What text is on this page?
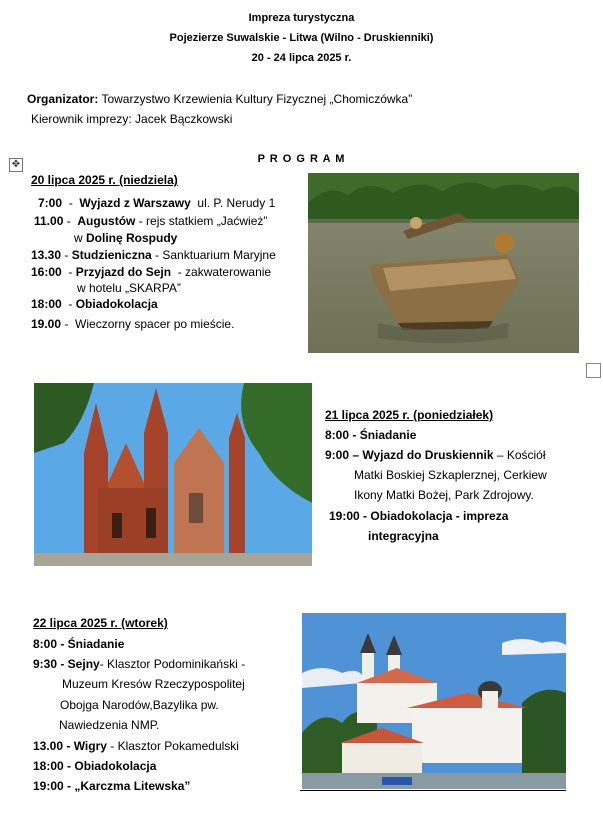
Impreza turystyczna
Pojezierze Suwalskie - Litwa (Wilno - Druskienniki)
20 - 24 lipca 2025 r.
Organizator: Towarzystwo Krzewienia Kultury Fizycznej „Chomiczówka”
Kierownik imprezy: Jacek Bączkowski
✥	P R O G R A M
20 lipca 2025 r. (niedziela)
7:00  -  Wyjazd z Warszawy  ul. P. Nerudy 1
11.00 -  Augustów - rejs statkiem „Jaćwież”
w Dolinę Rospudy
13.30 - Studzieniczna - Sanktuarium Maryjne
16:00  - Przyjazd do Sejn  - zakwaterowanie
w hotelu „SKARPA”
18:00  - Obiadokolacja
19.00 -  Wieczorny spacer po mieście.
21 lipca 2025 r. (poniedziałek)
8:00 - Śniadanie
9:00 – Wyjazd do Druskiennik – Kościół
Matki Boskiej Szkaplerznej, Cerkiew
Ikony Matki Bożej, Park Zdrojowy.
19:00 - Obiadokolacja - impreza
integracyjna
22 lipca 2025 r. (wtorek)
8:00 - Śniadanie
9:30 - Sejny- Klasztor Podominikański -
Muzeum Kresów Rzeczypospolitej
Obojga Narodów,Bazylika pw.
Nawiedzenia NMP.
13.00 - Wigry - Klasztor Pokamedulski
18:00 - Obiadokolacja
19:00 - „Karczma Litewska”
